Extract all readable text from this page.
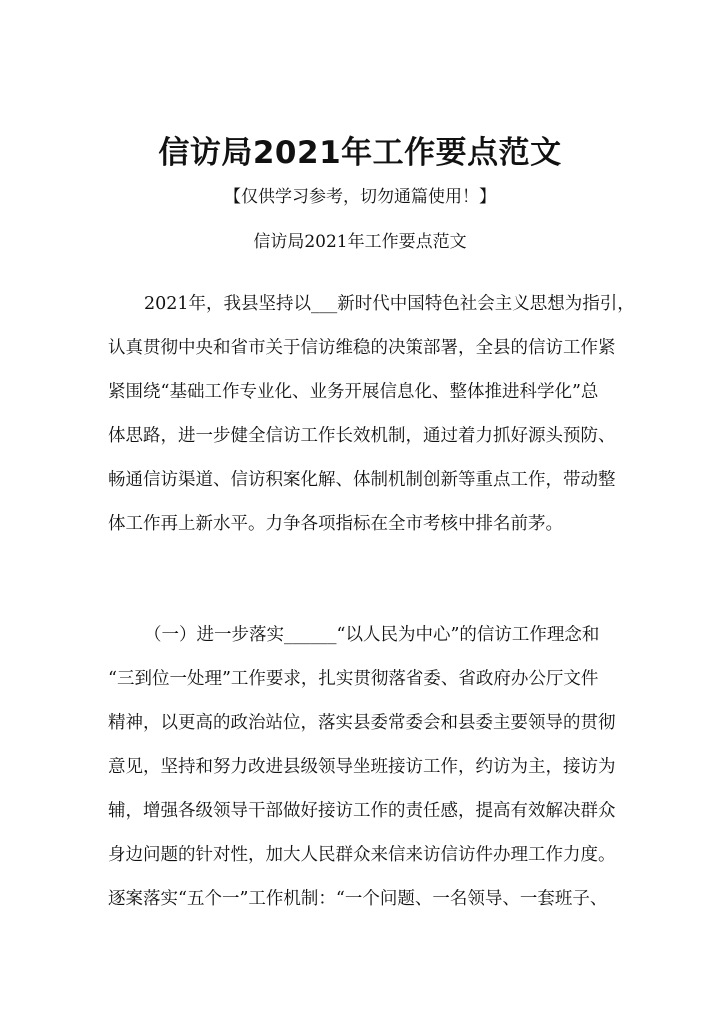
信访局2021年工作要点范文

【仅供学习参考，切勿通篇使用！】

信访局2021年工作要点范文

2021年，我县坚持以___新时代中国特色社会主义思想为指引，
认真贯彻中央和省市关于信访维稳的决策部署，全县的信访工作紧
紧围绕“基础工作专业化、业务开展信息化、整体推进科学化”总
体思路，进一步健全信访工作长效机制，通过着力抓好源头预防、
畅通信访渠道、信访积案化解、体制机制创新等重点工作，带动整
体工作再上新水平。力争各项指标在全市考核中排名前茅。
（一）进一步落实______“以人民为中心”的信访工作理念和
“三到位一处理”工作要求，扎实贯彻落省委、省政府办公厅文件
精神，以更高的政治站位，落实县委常委会和县委主要领导的贯彻
意见，坚持和努力改进县级领导坐班接访工作，约访为主，接访为
辅，增强各级领导干部做好接访工作的责任感，提高有效解决群众
身边问题的针对性，加大人民群众来信来访信访件办理工作力度。
逐案落实“五个一”工作机制：“一个问题、一名领导、一套班子、
